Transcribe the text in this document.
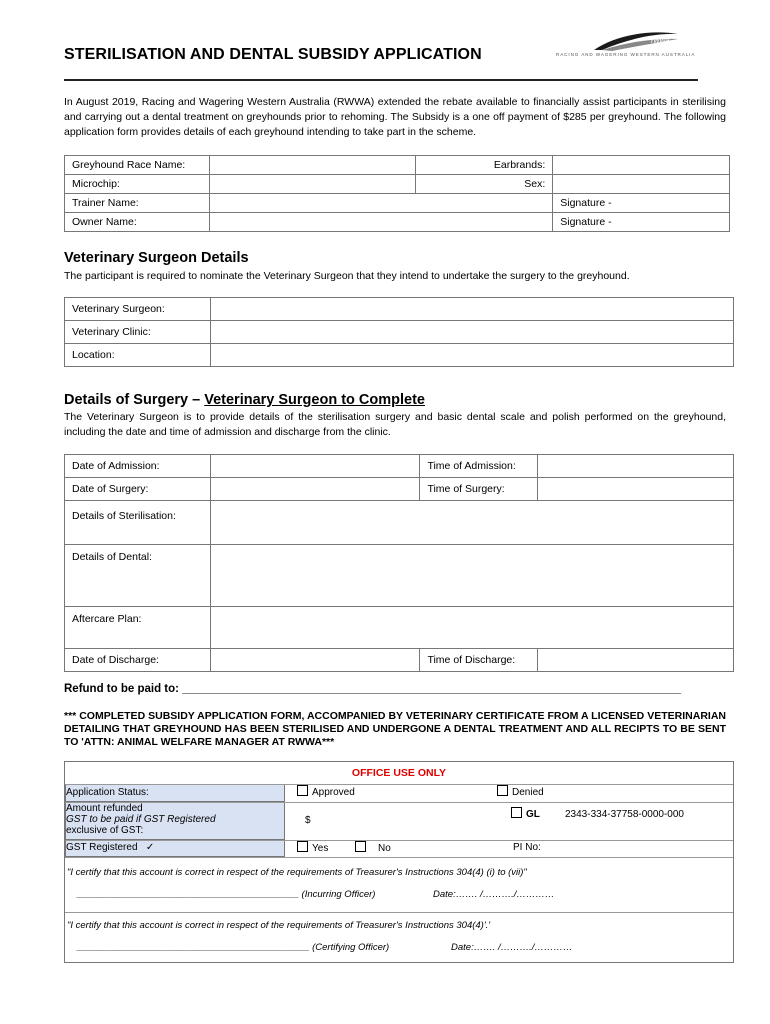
STERILISATION AND DENTAL SUBSIDY APPLICATION
rwwa
RACING AND WAGERING WESTERN AUSTRALIA
In August 2019, Racing and Wagering Western Australia (RWWA) extended the rebate available to financially assist participants in sterilising and carrying out a dental treatment on greyhounds prior to rehoming. The Subsidy is a one off payment of $285 per greyhound. The following application form provides details of each greyhound intending to take part in the scheme.
Greyhound Race Name:		Earbrands:	
Microchip:		Sex:	
Trainer Name:			Signature -
Owner Name:			Signature -
Veterinary Surgeon Details
The participant is required to nominate the Veterinary Surgeon that they intend to undertake the surgery to the greyhound.
Veterinary Surgeon:	
Veterinary Clinic:	
Location:	
Details of Surgery – Veterinary Surgeon to Complete
The Veterinary Surgeon is to provide details of the sterilisation surgery and basic dental scale and polish performed on the greyhound, including the date and time of admission and discharge from the clinic.
Date of Admission:		Time of Admission:	
Date of Surgery:		Time of Surgery:	
Details of Sterilisation:			
Details of Dental:			
Aftercare Plan:			
Date of Discharge:		Time of Discharge:	
Refund to be paid to: ______________________________________________________________________________
*** COMPLETED SUBSIDY APPLICATION FORM, ACCOMPANIED BY VETERINARY CERTIFICATE FROM A LICENSED VETERINARIAN DETAILING THAT GREYHOUND HAS BEEN STERILISED AND UNDERGONE A DENTAL TREATMENT AND ALL RECIPTS TO BE SENT TO 'ATTN: ANIMAL WELFARE MANAGER AT RWWA***
OFFICE USE ONLY
Application Status:	Approved	Denied
Amount refunded
GST to be paid if GST Registered
exclusive of GST:
$
GL	2343-334-37758-0000-000
GST Registered ✓	Yes	No	PI No:
"I certify that this account is correct in respect of the requirements of Treasurer's Instructions 304(4) (i) to (vii)"
__________________________________________ (Incurring Officer)	Date:……. /………./…………
"I certify that this account is correct in respect of the requirements of Treasurer's Instructions 304(4)'.'
____________________________________________ (Certifying Officer)	Date:……. /………./…………
